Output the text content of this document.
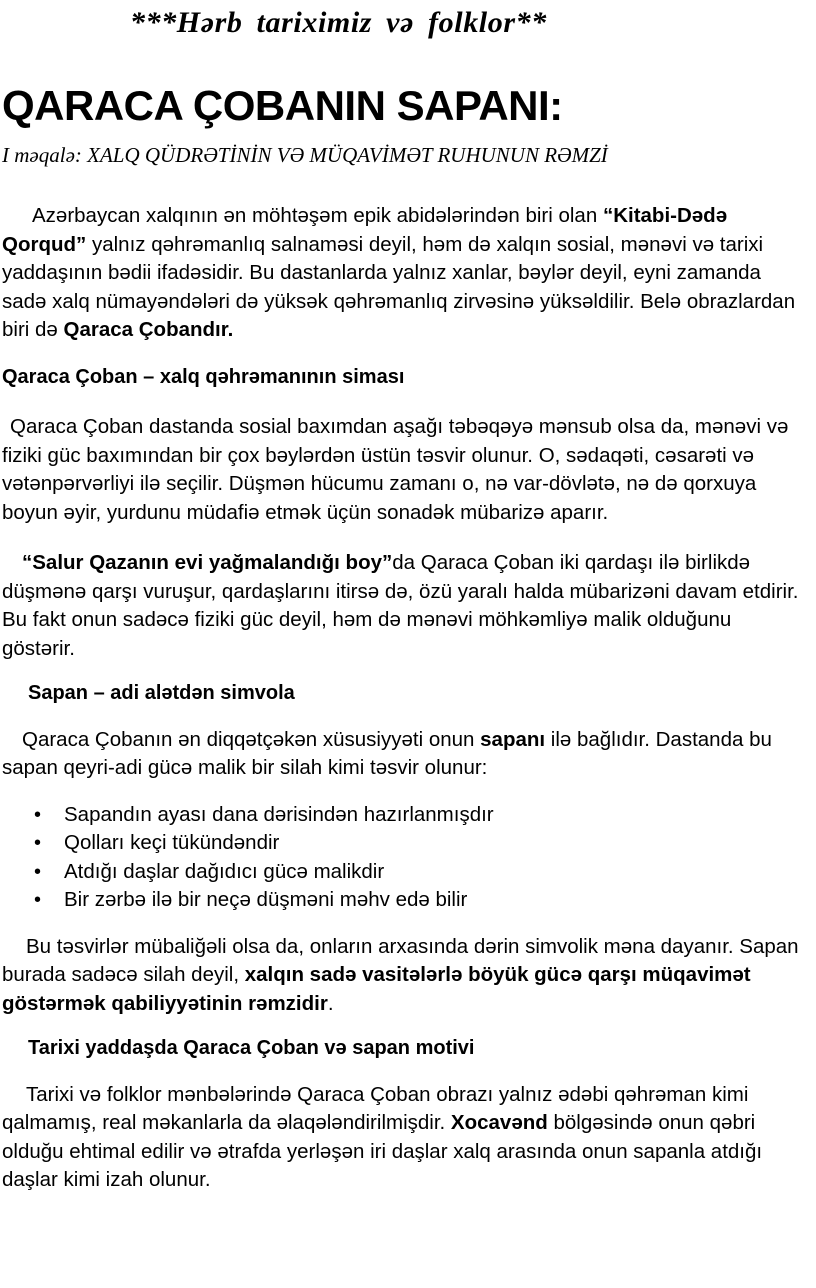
***Hərb tariximiz və folklor**
QARACA ÇOBANIN SAPANI:
I məqalə: XALQ QÜDRƏTİNİN VƏ MÜQAVİMƏT RUHUNUN RƏMZİ

Azərbaycan xalqının ən möhtəşəm epik abidələrindən biri olan “Kitabi-Dədə Qorqud” yalnız qəhrəmanlıq salnaməsi deyil, həm də xalqın sosial, mənəvi və tarixi yaddaşının bədii ifadəsidir. Bu dastanlarda yalnız xanlar, bəylər deyil, eyni zamanda sadə xalq nümayəndələri də yüksək qəhrəmanlıq zirvəsinə yüksəldilir. Belə obrazlardan biri də Qaraca Çobandır.

Qaraca Çoban – xalq qəhrəmanının siması

Qaraca Çoban dastanda sosial baxımdan aşağı təbəqəyə mənsub olsa da, mənəvi və fiziki güc baxımından bir çox bəylərdən üstün təsvir olunur. O, sədaqəti, cəsarəti və vətənpərvərliyi ilə seçilir. Düşmən hücumu zamanı o, nə var-dövlətə, nə də qorxuya boyun əyir, yurdunu müdafiə etmək üçün sonadək mübarizə aparır.

“Salur Qazanın evi yağmalandığı boy”da Qaraca Çoban iki qardaşı ilə birlikdə düşmənə qarşı vuruşur, qardaşlarını itirsə də, özü yaralı halda mübarizəni davam etdirir. Bu fakt onun sadəcə fiziki güc deyil, həm də mənəvi möhkəmliyə malik olduğunu göstərir.

Sapan – adi alətdən simvola

Qaraca Çobanın ən diqqətçəkən xüsusiyyəti onun sapanı ilə bağlıdır. Dastanda bu sapan qeyri-adi gücə malik bir silah kimi təsvir olunur:

• Sapandın ayası dana dərisindən hazırlanmışdır
• Qolları keçi tükündəndir
• Atdığı daşlar dağıdıcı gücə malikdir
• Bir zərbə ilə bir neçə düşməni məhv edə bilir

Bu təsvirlər mübaliğəli olsa da, onların arxasında dərin simvolik məna dayanır. Sapan burada sadəcə silah deyil, xalqın sadə vasitələrlə böyük gücə qarşı müqavimət göstərmək qabiliyyətinin rəmzidir.

Tarixi yaddaşda Qaraca Çoban və sapan motivi

Tarixi və folklor mənbələrində Qaraca Çoban obrazı yalnız ədəbi qəhrəman kimi qalmamış, real məkanlarla da əlaqələndirilmişdir. Xocavənd bölgəsində onun qəbri olduğu ehtimal edilir və ətrafda yerləşən iri daşlar xalq arasında onun sapanla atdığı daşlar kimi izah olunur.
